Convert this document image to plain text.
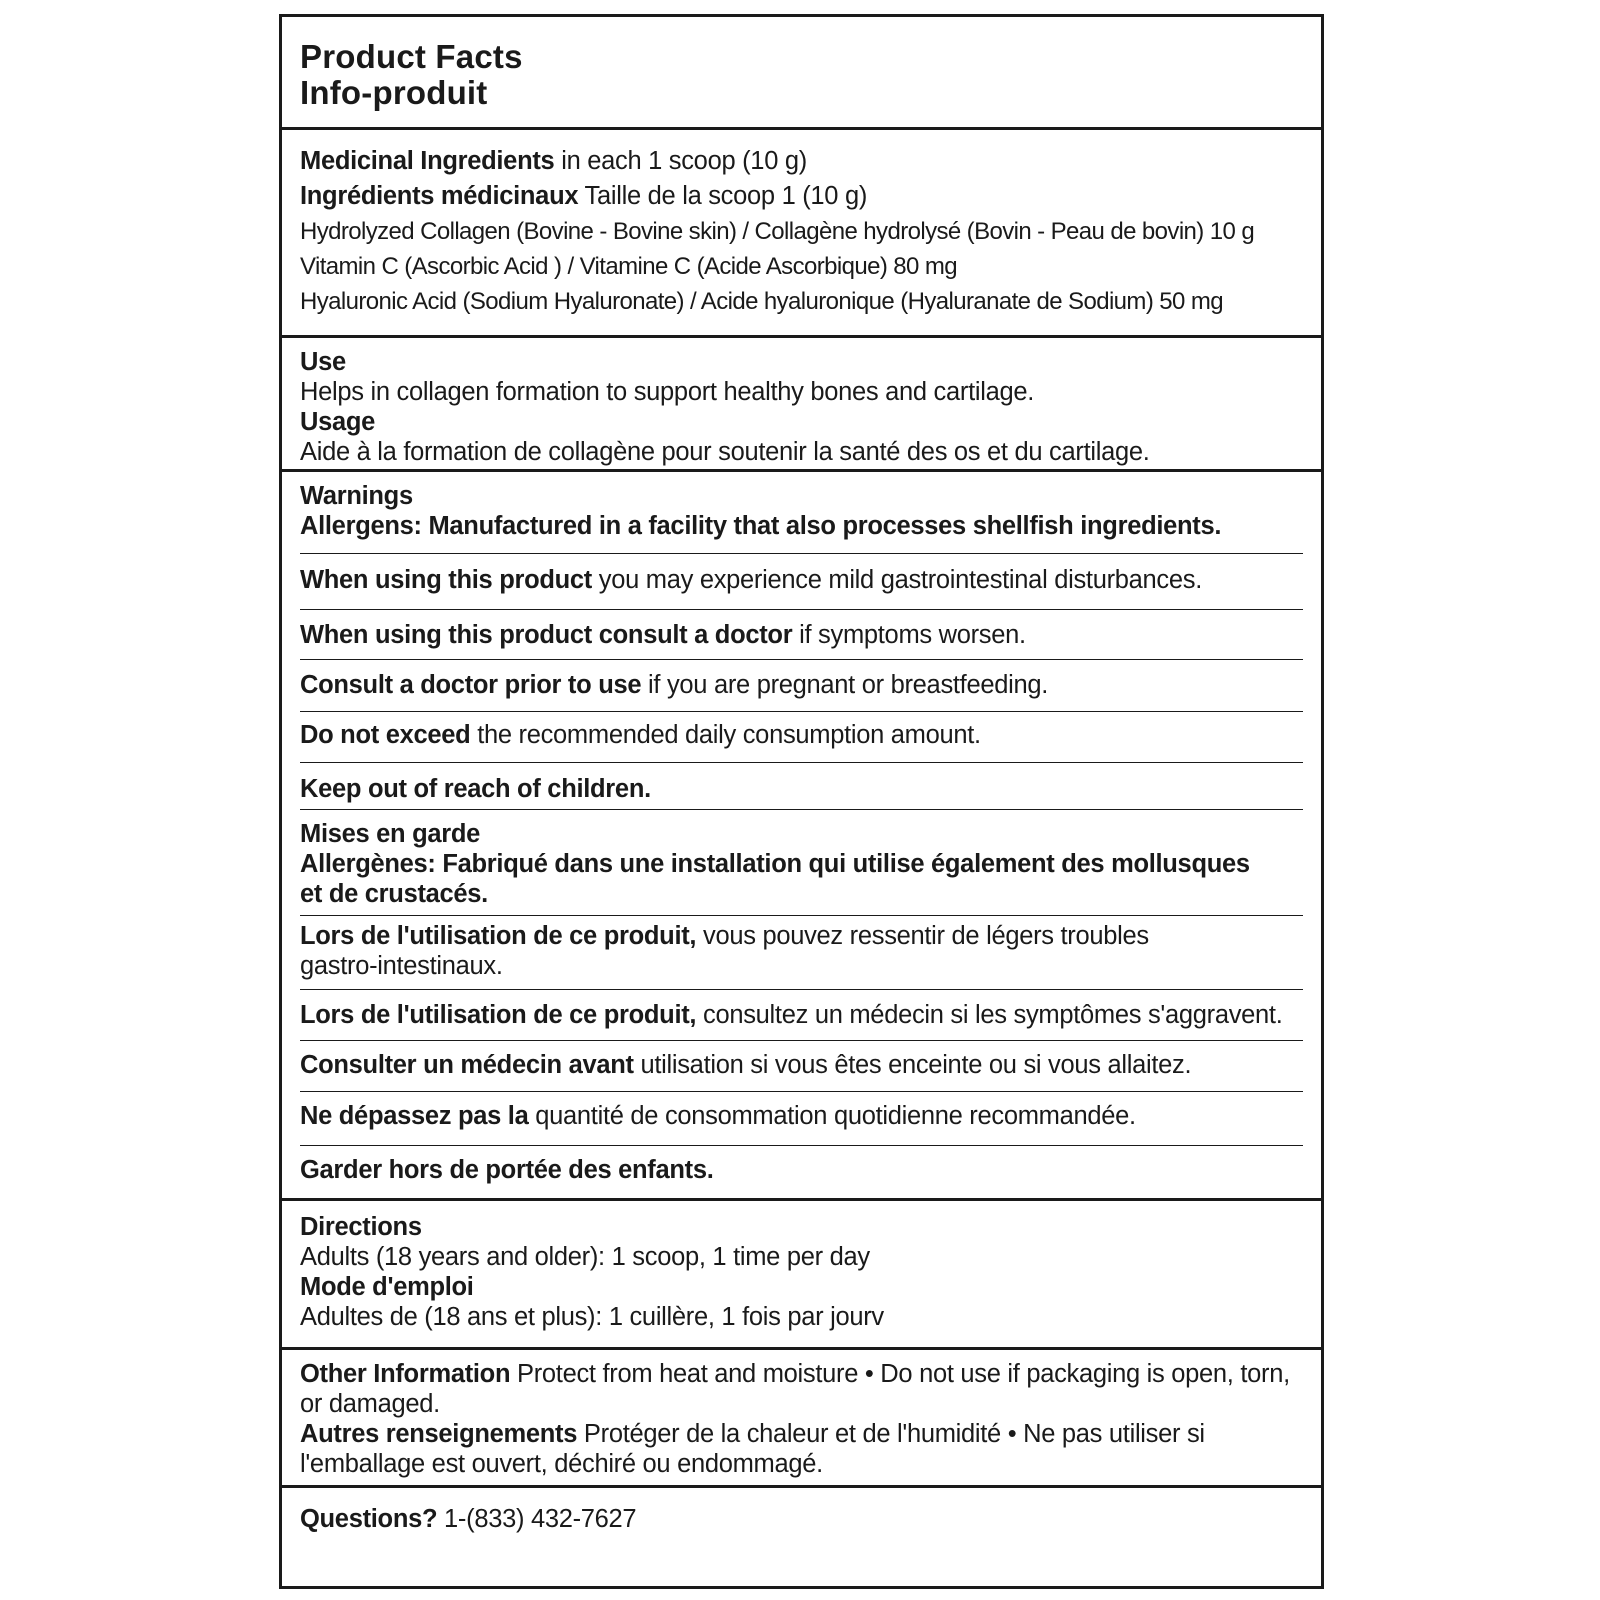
Product Facts
Info-produit
Medicinal Ingredients in each 1 scoop (10 g)
Ingrédients médicinaux Taille de la scoop 1 (10 g)
Hydrolyzed Collagen (Bovine - Bovine skin) / Collagène hydrolysé (Bovin - Peau de bovin) 10 g
Vitamin C (Ascorbic Acid ) / Vitamine C (Acide Ascorbique) 80 mg
Hyaluronic Acid (Sodium Hyaluronate) / Acide hyaluronique (Hyaluranate de Sodium) 50 mg
Use
Helps in collagen formation to support healthy bones and cartilage.
Usage
Aide à la formation de collagène pour soutenir la santé des os et du cartilage.
Warnings
Allergens: Manufactured in a facility that also processes shellfish ingredients.
When using this product you may experience mild gastrointestinal disturbances.
When using this product consult a doctor if symptoms worsen.
Consult a doctor prior to use if you are pregnant or breastfeeding.
Do not exceed the recommended daily consumption amount.
Keep out of reach of children.
Mises en garde
Allergènes: Fabriqué dans une installation qui utilise également des mollusques
et de crustacés.
Lors de l'utilisation de ce produit, vous pouvez ressentir de légers troubles
gastro-intestinaux.
Lors de l'utilisation de ce produit, consultez un médecin si les symptômes s'aggravent.
Consulter un médecin avant utilisation si vous êtes enceinte ou si vous allaitez.
Ne dépassez pas la quantité de consommation quotidienne recommandée.
Garder hors de portée des enfants.
Directions
Adults (18 years and older): 1 scoop, 1 time per day
Mode d'emploi
Adultes de (18 ans et plus): 1 cuillère, 1 fois par jourv
Other Information Protect from heat and moisture • Do not use if packaging is open, torn,
or damaged.
Autres renseignements Protéger de la chaleur et de l'humidité • Ne pas utiliser si
l'emballage est ouvert, déchiré ou endommagé.
Questions? 1-(833) 432-7627
